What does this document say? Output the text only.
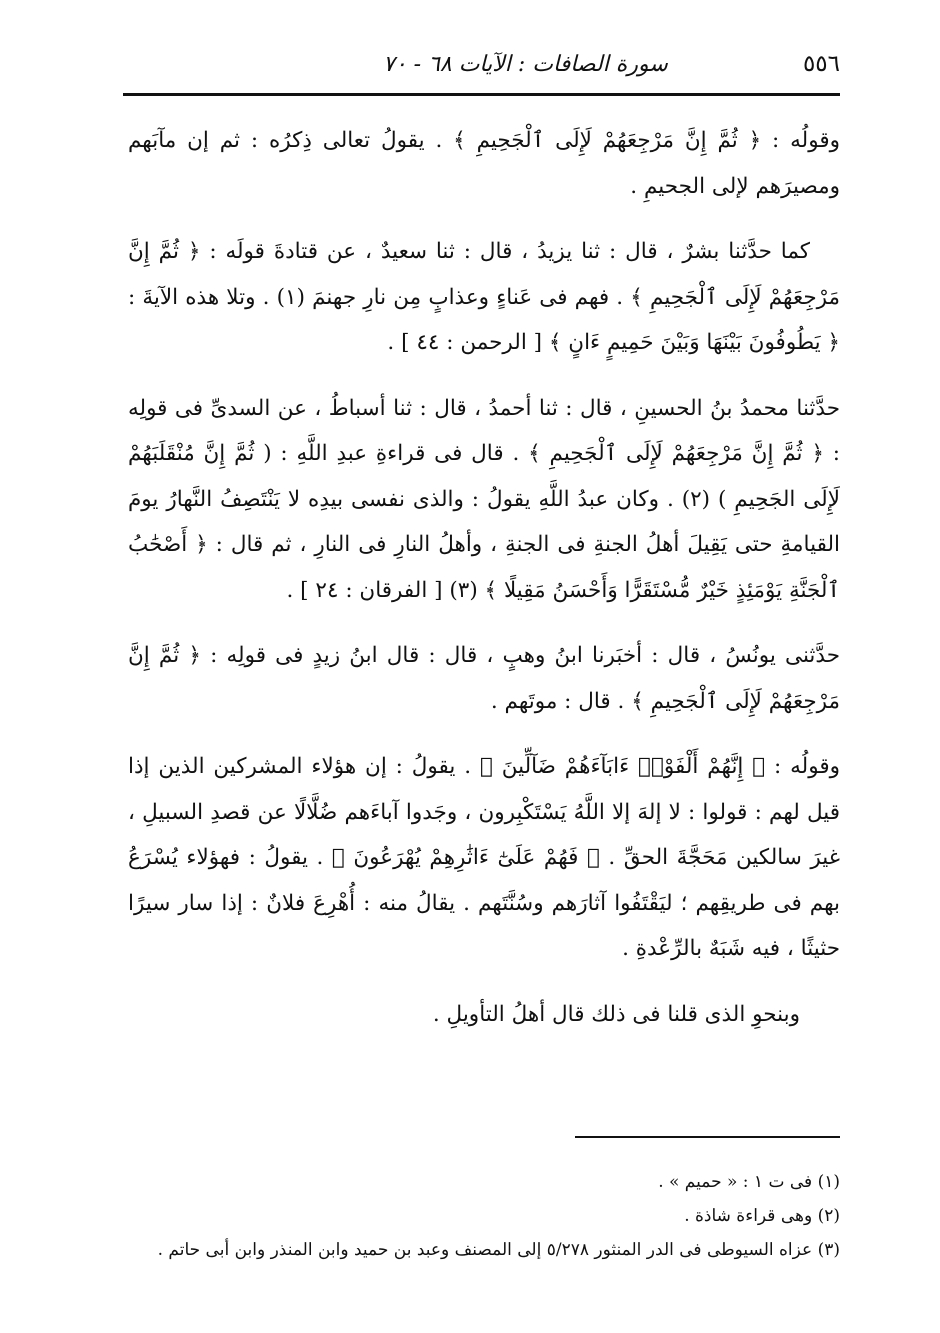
٥٥٦
سورة الصافات : الآيات ٦٨ - ٧٠

وقولُه : ﴿ ثُمَّ إِنَّ مَرْجِعَهُمْ لَإِلَى ٱلْجَحِيمِ ﴾ . يقولُ تعالى ذِكرُه : ثم إن مآبَهم ومصيرَهم لإلى الجحيمِ .

كما حدَّثنا بشرٌ ، قال : ثنا يزيدُ ، قال : ثنا سعيدٌ ، عن قتادةَ قولَه : ﴿ ثُمَّ إِنَّ مَرْجِعَهُمْ لَإِلَى ٱلْجَحِيمِ ﴾ . فهم فى عَناءٍ وعذابٍ مِن نارِ جهنمَ (١) . وتلا هذه الآيةَ : ﴿ يَطُوفُونَ بَيْنَهَا وَبَيْنَ حَمِيمٍ ءَانٍ ﴾ [ الرحمن : ٤٤ ] .

حدَّثنا محمدُ بنُ الحسينِ ، قال : ثنا أحمدُ ، قال : ثنا أسباطُ ، عن السدىِّ فى قولِه : ﴿ ثُمَّ إِنَّ مَرْجِعَهُمْ لَإِلَى ٱلْجَحِيمِ ﴾ . قال فى قراءةِ عبدِ اللَّهِ : ( ثُمَّ إِنَّ مُنْقَلَبَهُمْ لَإِلَى الجَحِيمِ ) (٢) . وكان عبدُ اللَّهِ يقولُ : والذى نفسى بيدِه لا يَنْتَصِفُ النَّهارُ يومَ القيامةِ حتى يَقِيلَ أهلُ الجنةِ فى الجنةِ ، وأهلُ النارِ فى النارِ ، ثم قال : ﴿ أَصْحَٰبُ ٱلْجَنَّةِ يَوْمَئِذٍ خَيْرٌ مُّسْتَقَرًّا وَأَحْسَنُ مَقِيلًا ﴾ (٣) [ الفرقان : ٢٤ ] .

حدَّثنى يونُسُ ، قال : أخبَرنا ابنُ وهبٍ ، قال : قال ابنُ زيدٍ فى قولِه : ﴿ ثُمَّ إِنَّ مَرْجِعَهُمْ لَإِلَى ٱلْجَحِيمِ ﴾ . قال : موتَهم .

وقولُه : ﴿ إِنَّهُمْ أَلْفَوْا۟ ءَابَآءَهُمْ ضَآلِّينَ ﴾ . يقولُ : إن هؤلاء المشركين الذين إذا قيل لهم : قولوا : لا إلهَ إلا اللَّهُ يَسْتَكْبِرون ، وجَدوا آباءَهم ضُلَّالًا عن قصدِ السبيلِ ، غيرَ سالكين مَحَجَّةَ الحقِّ . ﴿ فَهُمْ عَلَىٰٓ ءَاثَٰرِهِمْ يُهْرَعُونَ ﴾ . يقولُ : فهؤلاء يُسْرَعُ بهم فى طريقِهم ؛ ليَقْتَفُوا آثارَهم وسُنَّتَهم . يقالُ منه : أُهْرِعَ فلانٌ : إذا سار سيرًا حثيثًا ، فيه شَبَهٌ بالرِّعْدةِ .

وبنحوِ الذى قلنا فى ذلك قال أهلُ التأويلِ .

(١) فى ت ١ : « حميم » .
(٢) وهى قراءة شاذة .
(٣) عزاه السيوطى فى الدر المنثور ٥/٢٧٨ إلى المصنف وعبد بن حميد وابن المنذر وابن أبى حاتم .
